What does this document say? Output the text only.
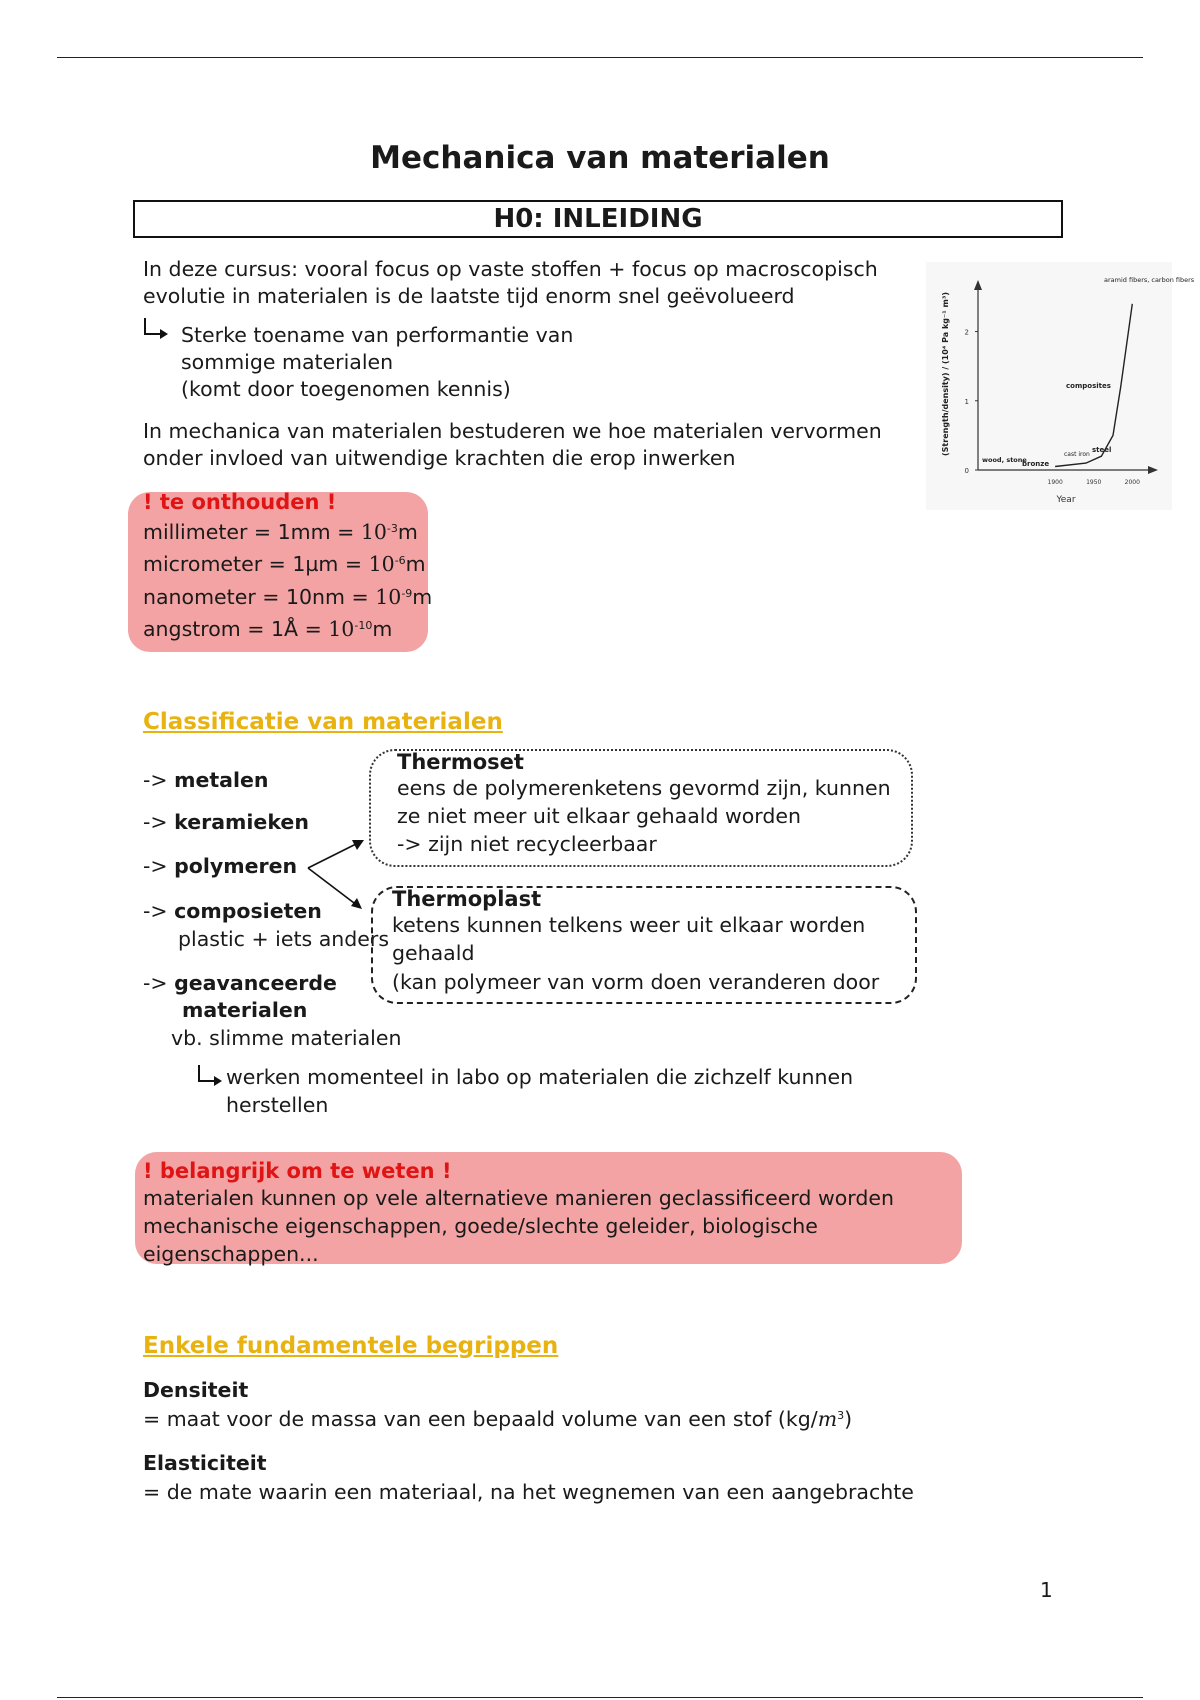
Mechanica van materialen
H0: INLEIDING
In deze cursus: vooral focus op vaste stoffen + focus op macroscopisch
evolutie in materialen is de laatste tijd enorm snel geëvolueerd
Sterke toename van performantie van
sommige materialen
(komt door toegenomen kennis)
In mechanica van materialen bestuderen we hoe materialen vervormen
onder invloed van uitwendige krachten die erop inwerken
0
1
2
1900	1950	2000
Year
(Strength/density) / (10⁴ Pa kg⁻¹ m³)
aramid fibers, carbon fibers
composites
steel
cast iron
bronze
wood, stone
! te onthouden !
millimeter = $1mm = 10^{-3}m$
micrometer = $1\mu m = 10^{-6}m$
nanometer = $10nm = 10^{-9}m$
angstrom = 1Å = $10^{-10}m$
Classificatie van materialen
-> metalen
-> keramieken
-> polymeren
-> composieten
plastic + iets anders
-> geavanceerde
materialen
vb. slimme materialen
werken momenteel in labo op materialen die zichzelf kunnen
herstellen
Thermoset
eens de polymerenketens gevormd zijn, kunnen
ze niet meer uit elkaar gehaald worden
-> zijn niet recycleerbaar
Thermoplast
ketens kunnen telkens weer uit elkaar worden
gehaald
(kan polymeer van vorm doen veranderen door
! belangrijk om te weten !
materialen kunnen op vele alternatieve manieren geclassificeerd worden
mechanische eigenschappen, goede/slechte geleider, biologische
eigenschappen...
Enkele fundamentele begrippen
Densiteit
= maat voor de massa van een bepaald volume van een stof $(kg/m^3)$
Elasticiteit
= de mate waarin een materiaal, na het wegnemen van een aangebrachte
1
